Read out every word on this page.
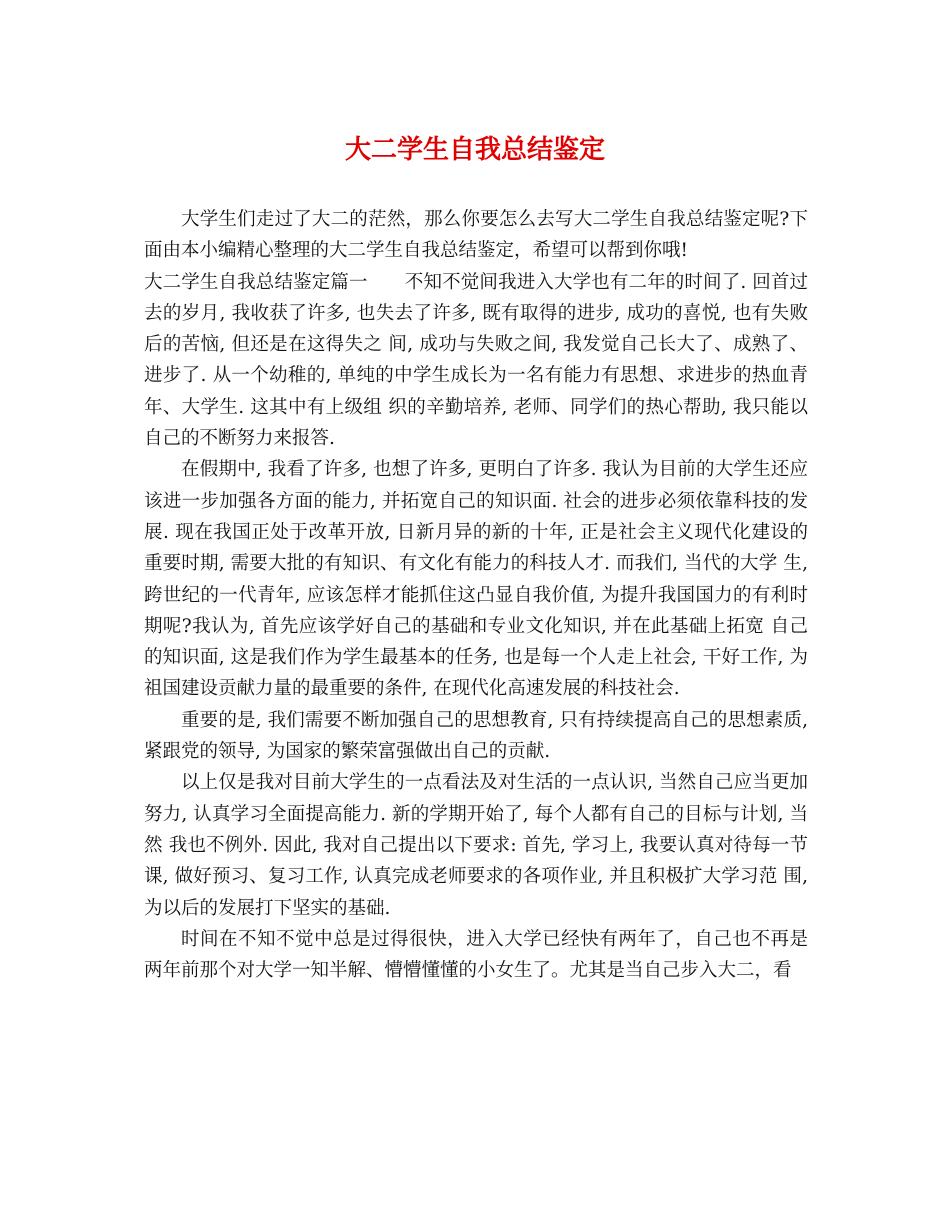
大二学生自我总结鉴定

大学生们走过了大二的茫然，那么你要怎么去写大二学生自我总结鉴定呢?下面由本小编精心整理的大二学生自我总结鉴定，希望可以帮到你哦!

大二学生自我总结鉴定篇一　　不知不觉间我进入大学也有二年的时间了. 回首过去的岁月, 我收获了许多, 也失去了许多, 既有取得的进步, 成功的喜悦, 也有失败后的苦恼, 但还是在这得失之 间, 成功与失败之间, 我发觉自己长大了、成熟了、进步了. 从一个幼稚的, 单纯的中学生成长为一名有能力有思想、求进步的热血青年、大学生. 这其中有上级组 织的辛勤培养, 老师、同学们的热心帮助, 我只能以自己的不断努力来报答.

在假期中, 我看了许多, 也想了许多, 更明白了许多. 我认为目前的大学生还应该进一步加强各方面的能力, 并拓宽自己的知识面. 社会的进步必须依靠科技的发展. 现在我国正处于改革开放, 日新月异的新的十年, 正是社会主义现代化建设的重要时期, 需要大批的有知识、有文化有能力的科技人才. 而我们, 当代的大学 生, 跨世纪的一代青年, 应该怎样才能抓住这凸显自我价值, 为提升我国国力的有利时期呢?我认为, 首先应该学好自己的基础和专业文化知识, 并在此基础上拓宽 自己的知识面, 这是我们作为学生最基本的任务, 也是每一个人走上社会, 干好工作, 为祖国建设贡献力量的最重要的条件, 在现代化高速发展的科技社会.

重要的是, 我们需要不断加强自己的思想教育, 只有持续提高自己的思想素质, 紧跟党的领导, 为国家的繁荣富强做出自己的贡献.

以上仅是我对目前大学生的一点看法及对生活的一点认识, 当然自己应当更加努力, 认真学习全面提高能力. 新的学期开始了, 每个人都有自己的目标与计划, 当然 我也不例外. 因此, 我对自己提出以下要求: 首先, 学习上, 我要认真对待每一节课, 做好预习、复习工作, 认真完成老师要求的各项作业, 并且积极扩大学习范 围, 为以后的发展打下坚实的基础.

时间在不知不觉中总是过得很快，进入大学已经快有两年了，自己也不再是两年前那个对大学一知半解、懵懵懂懂的小女生了。尤其是当自己步入大二，看
